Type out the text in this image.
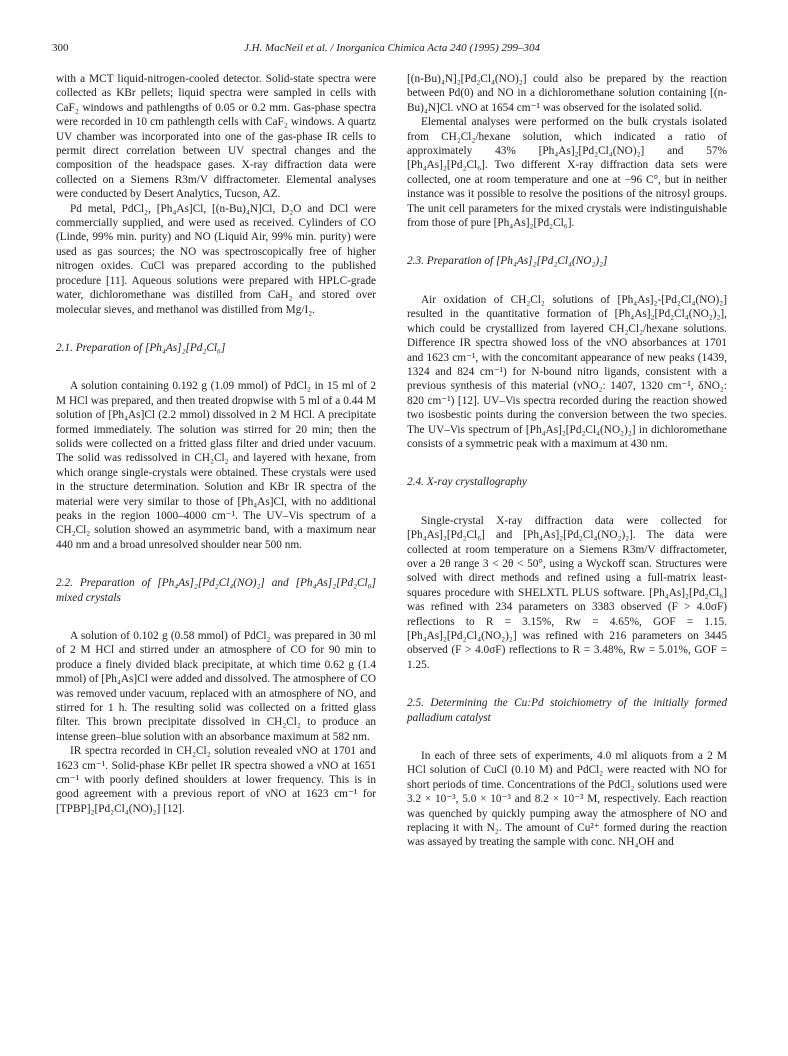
300	J.H. MacNeil et al. / Inorganica Chimica Acta 240 (1995) 299–304

with a MCT liquid-nitrogen-cooled detector. Solid-state spectra were collected as KBr pellets; liquid spectra were sampled in cells with CaF₂ windows and pathlengths of 0.05 or 0.2 mm. Gas-phase spectra were recorded in 10 cm pathlength cells with CaF₂ windows. A quartz UV chamber was incorporated into one of the gas-phase IR cells to permit direct correlation between UV spectral changes and the composition of the headspace gases. X-ray diffraction data were collected on a Siemens R3m/V diffractometer. Elemental analyses were conducted by Desert Analytics, Tucson, AZ.

Pd metal, PdCl₂, [Ph₄As]Cl, [(n-Bu)₄N]Cl, D₂O and DCl were commercially supplied, and were used as received. Cylinders of CO (Linde, 99% min. purity) and NO (Liquid Air, 99% min. purity) were used as gas sources; the NO was spectroscopically free of higher nitrogen oxides. CuCl was prepared according to the published procedure [11]. Aqueous solutions were prepared with HPLC-grade water, dichloromethane was distilled from CaH₂ and stored over molecular sieves, and methanol was distilled from Mg/I₂.

2.1. Preparation of [Ph₄As]₂[Pd₂Cl₆]

A solution containing 0.192 g (1.09 mmol) of PdCl₂ in 15 ml of 2 M HCl was prepared, and then treated dropwise with 5 ml of a 0.44 M solution of [Ph₄As]Cl (2.2 mmol) dissolved in 2 M HCl. A precipitate formed immediately. The solution was stirred for 20 min; then the solids were collected on a fritted glass filter and dried under vacuum. The solid was redissolved in CH₂Cl₂ and layered with hexane, from which orange single-crystals were obtained. These crystals were used in the structure determination. Solution and KBr IR spectra of the material were very similar to those of [Ph₄As]Cl, with no additional peaks in the region 1000–4000 cm⁻¹. The UV–Vis spectrum of a CH₂Cl₂ solution showed an asymmetric band, with a maximum near 440 nm and a broad unresolved shoulder near 500 nm.

2.2. Preparation of [Ph₄As]₂[Pd₂Cl₄(NO)₂] and [Ph₄As]₂[Pd₂Cl₆] mixed crystals

A solution of 0.102 g (0.58 mmol) of PdCl₂ was prepared in 30 ml of 2 M HCl and stirred under an atmosphere of CO for 90 min to produce a finely divided black precipitate, at which time 0.62 g (1.4 mmol) of [Ph₄As]Cl were added and dissolved. The atmosphere of CO was removed under vacuum, replaced with an atmosphere of NO, and stirred for 1 h. The resulting solid was collected on a fritted glass filter. This brown precipitate dissolved in CH₂Cl₂ to produce an intense green–blue solution with an absorbance maximum at 582 nm.

IR spectra recorded in CH₂Cl₂ solution revealed νNO at 1701 and 1623 cm⁻¹. Solid-phase KBr pellet IR spectra showed a νNO at 1651 cm⁻¹ with poorly defined shoulders at lower frequency. This is in good agreement with a previous report of νNO at 1623 cm⁻¹ for [TPBP]₂[Pd₂Cl₄(NO)₂] [12].

[(n-Bu)₄N]₂[Pd₂Cl₄(NO)₂] could also be prepared by the reaction between Pd(0) and NO in a dichloromethane solution containing [(n-Bu)₄N]Cl. νNO at 1654 cm⁻¹ was observed for the isolated solid.

Elemental analyses were performed on the bulk crystals isolated from CH₂Cl₂/hexane solution, which indicated a ratio of approximately 43% [Ph₄As]₂[Pd₂Cl₄(NO)₂] and 57% [Ph₄As]₂[Pd₂Cl₆]. Two different X-ray diffraction data sets were collected, one at room temperature and one at −96 C°, but in neither instance was it possible to resolve the positions of the nitrosyl groups. The unit cell parameters for the mixed crystals were indistinguishable from those of pure [Ph₄As]₂[Pd₂Cl₆].

2.3. Preparation of [Ph₄As]₂[Pd₂Cl₄(NO₂)₂]

Air oxidation of CH₂Cl₂ solutions of [Ph₄As]₂-[Pd₂Cl₄(NO)₂] resulted in the quantitative formation of [Ph₄As]₂[Pd₂Cl₄(NO₂)₂], which could be crystallized from layered CH₂Cl₂/hexane solutions. Difference IR spectra showed loss of the νNO absorbances at 1701 and 1623 cm⁻¹, with the concomitant appearance of new peaks (1439, 1324 and 824 cm⁻¹) for N-bound nitro ligands, consistent with a previous synthesis of this material (νNO₂: 1407, 1320 cm⁻¹, δNO₂: 820 cm⁻¹) [12]. UV–Vis spectra recorded during the reaction showed two isosbestic points during the conversion between the two species. The UV–Vis spectrum of [Ph₄As]₂[Pd₂Cl₄(NO₂)₂] in dichloromethane consists of a symmetric peak with a maximum at 430 nm.

2.4. X-ray crystallography

Single-crystal X-ray diffraction data were collected for [Ph₄As]₂[Pd₂Cl₆] and [Ph₄As]₂[Pd₂Cl₄(NO₂)₂]. The data were collected at room temperature on a Siemens R3m/V diffractometer, over a 2θ range 3 < 2θ < 50°, using a Wyckoff scan. Structures were solved with direct methods and refined using a full-matrix least-squares procedure with SHELXTL PLUS software. [Ph₄As]₂[Pd₂Cl₆] was refined with 234 parameters on 3383 observed (F > 4.0σF) reflections to R = 3.15%, Rw = 4.65%, GOF = 1.15. [Ph₄As]₂[Pd₂Cl₄(NO₂)₂] was refined with 216 parameters on 3445 observed (F > 4.0σF) reflections to R = 3.48%, Rw = 5.01%, GOF = 1.25.

2.5. Determining the Cu:Pd stoichiometry of the initially formed palladium catalyst

In each of three sets of experiments, 4.0 ml aliquots from a 2 M HCl solution of CuCl (0.10 M) and PdCl₂ were reacted with NO for short periods of time. Concentrations of the PdCl₂ solutions used were 3.2 × 10⁻³, 5.0 × 10⁻³ and 8.2 × 10⁻³ M, respectively. Each reaction was quenched by quickly pumping away the atmosphere of NO and replacing it with N₂. The amount of Cu²⁺ formed during the reaction was assayed by treating the sample with conc. NH₄OH and
